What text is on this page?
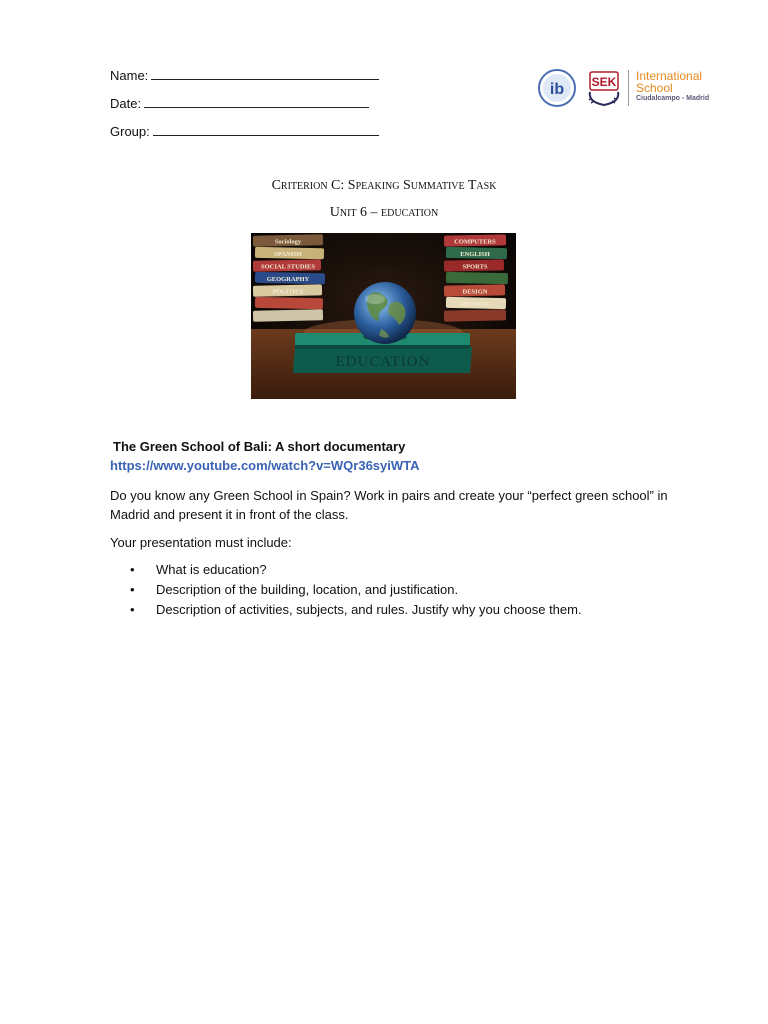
Name:
Date:
Group:
ib SEK International
School
Ciudalcampo - Madrid
Criterion C: Speaking Summative Task
Unit 6 – education
Sociology
SPANISH
SOCIAL STUDIES
GEOGRAPHY
POLITICS
COMPUTERS
ENGLISH
SPORTS
DESIGN
FINANCE
EDUCATION
The Green School of Bali: A short documentary
https://www.youtube.com/watch?v=WQr36syiWTA
Do you know any Green School in Spain? Work in pairs and create your “perfect green school” in Madrid and present it in front of the class.
Your presentation must include:
• What is education?
• Description of the building, location, and justification.
• Description of activities, subjects, and rules. Justify why you choose them.
